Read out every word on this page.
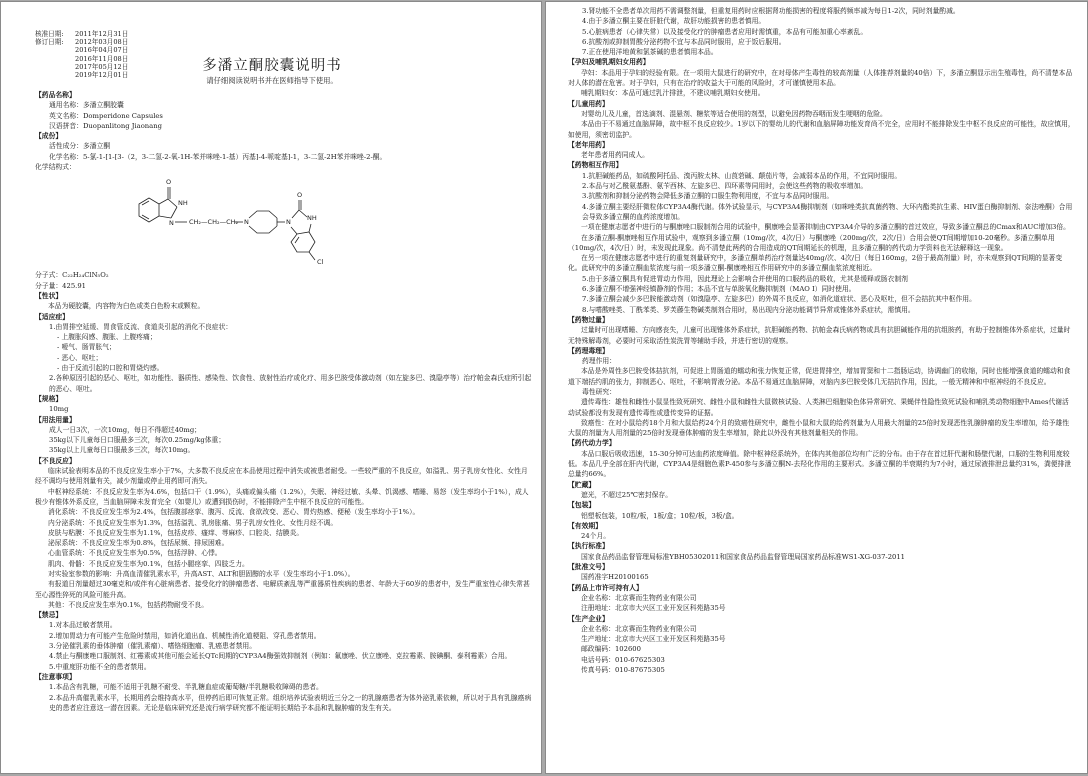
核准日期:	2011年12月31日
修订日期:	2012年03月08日
2016年04月07日
2016年11月08日
2017年05月12日
2019年12月01日
多潘立酮胶囊说明书
请仔细阅读说明书并在医师指导下使用。

【药品名称】

通用名称：多潘立酮胶囊

英文名称：Domperidone Capsules

汉语拼音：Duopanlitong Jiaonang

【成份】

活性成分：多潘立酮

化学名称：5-氯-1-[1-[3-（2，3-二氢-2-氧-1H-苯并咪唑-1-基）丙基]-4-哌啶基]-1，3-二氢-2H苯并咪唑-2-酮。

化学结构式：

O
NH
N CH₂—CH₂—CH₂ N	N
O
NH
Cl

分子式：C₂₂H₂₄ClN₅O₂

分子量：425.91

【性状】

本品为硬胶囊，内容物为白色或类白色粉末或颗粒。

【适应症】

1.由胃排空延缓、胃食管反流、食道炎引起的消化不良症状：

- 上腹胀闷感、腹胀、上腹疼痛；

- 嗳气、肠胃胀气；

- 恶心、呕吐；

- 由于反流引起的口腔和胃烧灼感。

2.各种原因引起的恶心、呕吐，如功能性、器质性、感染性、饮食性、放射性治疗或化疗、用多巴胺受体激动剂（如左旋多巴、溴隐亭等）治疗帕金森氏症所引起的恶心、呕吐。

【规格】

10mg

【用法用量】

成人一日3次，一次10mg，每日不得超过40mg；

35kg以下儿童每日口服最多三次，每次0.25mg/kg体重；

35kg以上儿童每日口服最多三次，每次10mg。

【不良反应】

临床试验表明本品的不良反应发生率小于7%，大多数不良反应在本品使用过程中消失或被患者耐受。一些较严重的不良反应，如溢乳、男子乳房女性化、女性月经不调均与使用剂量有关，减少剂量或停止用药即可消失。

中枢神经系统：不良反应发生率为4.6%，包括口干（1.9%），头痛或偏头痛（1.2%），失眠、神经过敏、头晕、饥渴感、嗜睡、易怒（发生率均小于1%），成人极少有锥体外系反应，当血脑屏障未发育完全（如婴儿）或遭到损伤时，不能排除产生中枢不良反应的可能性。

消化系统：不良反应发生率为2.4%，包括腹部痉挛、腹泻、反流、食欲改变、恶心、胃灼热感、便秘（发生率均小于1%）。

内分泌系统：不良反应发生率为1.3%，包括溢乳、乳房胀痛、男子乳房女性化、女性月经不调。

皮肤与粘膜：不良反应发生率为1.1%，包括皮疹、瘙痒、荨麻疹、口腔炎、结膜炎。

泌尿系统：不良反应发生率为0.8%，包括尿频、排尿困难。

心血管系统：不良反应发生率为0.5%，包括浮肿、心悸。

肌肉、骨骼：不良反应发生率为0.1%，包括小腿痉挛、四肢乏力。

对实验室参数的影响：升高血清催乳素水平，升高AST、ALT和胆固醇的水平（发生率均小于1.0%）。

有报道日剂量超过30毫克和/或伴有心脏病患者、接受化疗的肿瘤患者、电解质紊乱等严重器质性疾病的患者、年龄大于60岁的患者中，发生严重室性心律失常甚至心源性猝死的风险可能升高。

其他：不良反应发生率为0.1%，包括药物耐受不良。

【禁忌】

1.对本品过敏者禁用。

2.增加胃动力有可能产生危险时禁用，如消化道出血、机械性消化道梗阻、穿孔患者禁用。

3.分泌催乳素的垂体肿瘤（催乳素瘤）、嗜铬细胞瘤、乳癌患者禁用。

4.禁止与酮康唑口服制剂、红霉素或其他可能会延长QTc间期的CYP3A4酶强效抑制剂（例如：氟康唑、伏立康唑、克拉霉素、胺碘酮、泰利霉素）合用。

5.中重度肝功能不全的患者禁用。

【注意事项】

1.本品含有乳糖，可能不适用于乳糖不耐受、半乳糖血症或葡萄糖/半乳糖吸收障碍的患者。

2.本品升高催乳素水平，长期用药会维持高水平，但停药后即可恢复正常。组织培养试验表明近三分之一的乳腺癌患者为体外泌乳素依赖，所以对于具有乳腺癌病史的患者应注意这一潜在因素。无论是临床研究还是流行病学研究都不能证明长期给予本品和乳腺肿瘤的发生有关。

3.肾功能不全患者单次用药不需调整剂量，但重复用药时应根据肾功能损害的程度将服药频率减为每日1-2次，同时剂量酌减。

4.由于多潘立酮主要在肝脏代谢，故肝功能损害的患者慎用。

5.心脏病患者（心律失常）以及接受化疗的肿瘤患者应用时需慎重，本品有可能加重心率紊乱。

6.抗酸剂或抑制胃酸分泌药物不宜与本品同时服用，应于饭后服用。

7.正在使用洋地黄和氯茶碱的患者慎用本品。

【孕妇及哺乳期妇女用药】

孕妇：本品用于孕妇的经验有限。在一项用大鼠进行的研究中，在对母体产生毒性的较高剂量（人体推荐剂量的40倍）下，多潘立酮显示出生殖毒性，尚不清楚本品对人体的潜在危害。对于孕妇，只有在治疗的收益大于可能的风险时，才可谨慎使用本品。

哺乳期妇女：本品可通过乳汁排泄，不建议哺乳期妇女使用。

【儿童用药】

对婴幼儿及儿童，首选滴剂、混悬剂、糖浆等适合使用的剂型，以避免因药物吞咽而发生哽咽的危险。

本品由于不易通过血脑屏障，故中枢不良反应较少。1岁以下的婴幼儿的代谢和血脑屏障功能发育尚不完全，应用时不能排除发生中枢不良反应的可能性，故应慎用，如使用，须密切监护。

【老年用药】

老年患者用药同成人。

【药物相互作用】

1.抗胆碱能药品，如硫酸阿托品、溴丙胺太林、山莨菪碱、颠茄片等，会减弱本品的作用，不宜同时服用。

2.本品与对乙酰氨基酚、氨苄西林、左旋多巴、四环素等同用时，会使这些药物的吸收率增加。

3.抗酸剂和抑制分泌药物会降低多潘立酮的口服生物利用度，不宜与本品同时服用。

4.多潘立酮主要经肝微粒体CYP3A4酶代谢。体外试验显示，与CYP3A4酶抑制剂（如咪唑类抗真菌药物、大环内酯类抗生素、HIV蛋白酶抑制剂、奈法唑酮）合用会导致多潘立酮的血药浓度增加。

一项在健康志愿者中进行的与酮康唑口服制剂合用的试验中，酮康唑会显著抑制由CYP3A4介导的多潘立酮的首过效应，导致多潘立酮总的Cmax和AUC增加3倍。

在多潘立酮-酮康唑相互作用试验中，观察到多潘立酮（10mg/次，4次/日）与酮康唑（200mg/次，2次/日）合用会使QT间期增加10-20毫秒。多潘立酮单用（10mg/次，4次/日）时，未发现此现象。尚不清楚此两药的合用造成的QT间期延长的机理，且多潘立酮的药代动力学资料也无法解释这一现象。

在另一项在健康志愿者中进行的重复剂量研究中，多潘立酮单药治疗剂量达40mg/次、4次/日（每日160mg，2倍于最高剂量）时，亦未观察到QT间期的显著变化。此研究中的多潘立酮血浆浓度与前一项多潘立酮-酮康唑相互作用研究中的多潘立酮血浆浓度相近。

5.由于多潘立酮具有促进胃动力作用，因此理论上会影响合并使用的口服药品的吸收，尤其是缓释或肠衣制剂

6.多潘立酮不增强神经镇静剂的作用；本品不宜与单胺氧化酶抑制剂（MAO I）同时使用。

7.多潘立酮会减少多巴胺能激动剂（如溴隐亭、左旋多巴）的外周不良反应，如消化道症状、恶心及呕吐，但不会拮抗其中枢作用。

8.与嗜酸唑类、丁酰苯类、罗芙藤生物碱类制剂合用时，易出现内分泌功能调节异常或锥体外系症状，需慎用。

【药物过量】

过量时可出现嗜睡、方向感丧失，儿童可出现锥体外系症状，抗胆碱能药物、抗帕金森氏病药物或具有抗胆碱能作用的抗组胺药，有助于控制锥体外系症状，过量时无特殊解毒剂，必要时可采取活性炭洗胃等辅助手段，并进行密切的观察。

【药理毒理】

药理作用：

本品是外周性多巴胺受体拮抗剂，可促进上胃肠道的蠕动和张力恢复正常，促进胃排空，增加胃窦和十二指肠运动，协调幽门的收缩，同时也能增强食道的蠕动和食道下端括约肌的张力，抑制恶心、呕吐，不影响胃液分泌。本品不易通过血脑屏障，对脑内多巴胺受体几无拮抗作用，因此，一般无精神和中枢神经的不良反应。

毒性研究：

遗传毒性：雄性和雌性小鼠显性致死研究、雌性小鼠和雌性大鼠微核试验、人类淋巴细胞染色体异常研究、果蝇伴性隐性致死试验和哺乳类动物细胞中Ames代谢活动试验都没有发现有遗传毒性或遗传变异的证据。

致癌性：在对小鼠给药18个月和大鼠给药24个月的致癌性研究中，雌性小鼠和大鼠的给药剂量为人用最大剂量的25倍时发现恶性乳腺肿瘤的发生率增加，给予雄性大鼠的剂量为人用剂量的25倍时发现垂体肿瘤的发生率增加，除此以外没有其他剂量相关的作用。

【药代动力学】

本品口服后吸收迅速，15-30分钟可达血药浓度峰值。除中枢神经系统外，在体内其他部位均有广泛的分布。由于存在首过肝代谢和肠壁代谢，口服的生物利用度较低。本品几乎全部在肝内代谢，CYP3A4是细胞色素P-450参与多潘立酮N-去羟化作用的主要形式。多潘立酮的半衰期约为7小时，通过尿液排泄总量约31%，粪便排泄总量约66%。

【贮藏】

遮光，不超过25℃密封保存。

【包装】

铝塑板包装，10粒/板，1板/盒；10粒/板，3板/盒。

【有效期】

24个月。

【执行标准】

国家食品药品监督管理局标准YBH05302011和国家食品药品监督管理局国家药品标准WS1-XG-037-2011

【批准文号】

国药准字H20100165

【药品上市许可持有人】

企业名称：北京赛而生物药业有限公司

注册地址：北京市大兴区工业开发区科苑路35号

【生产企业】

企业名称：北京赛而生物药业有限公司

生产地址：北京市大兴区工业开发区科苑路35号

邮政编码：102600

电话号码：010-67625303

传真号码：010-87675305
